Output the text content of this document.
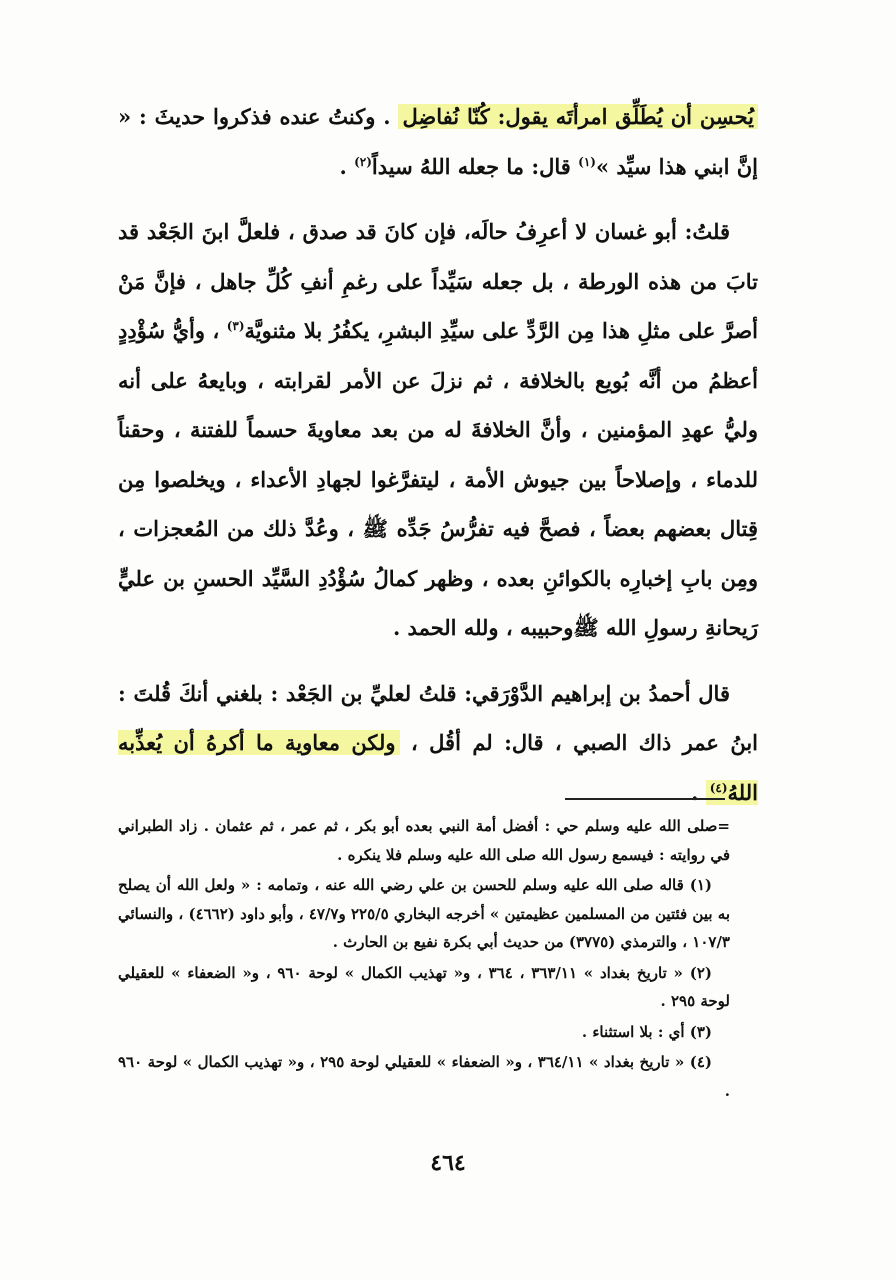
يُحسِن أن يُطَلِّق امرأتَه يقول: كُنّا نُفاضِل . وكنتُ عنده فذكروا حديثَ : « إنَّ ابني هذا سيِّد »$^{(١)}$ قال: ما جعله اللهُ سيداً$^{(٢)}$ .

قلتُ: أبو غسان لا أعرِفُ حالَه، فإن كانَ قد صدق ، فلعلَّ ابنَ الجَعْد قد تابَ من هذه الورطة ، بل جعله سَيِّداً على رغمِ أنفِ كُلِّ جاهل ، فإنَّ مَنْ أصرَّ على مثلِ هذا مِن الرَّدِّ على سيِّدِ البشرِ، يكفُرُ بلا مثنويَّة$^{(٣)}$ ، وأيُّ سُؤْدِدٍ أعظمُ من أنَّه بُويع بالخلافة ، ثم نزلَ عن الأمر لقرابته ، وبايعهُ على أنه وليُّ عهدِ المؤمنين ، وأنَّ الخلافةَ له من بعد معاويةَ حسماً للفتنة ، وحقناً للدماء ، وإصلاحاً بين جيوش الأمة ، ليتفرَّغوا لجهادِ الأعداء ، ويخلصوا مِن قِتال بعضهم بعضاً ، فصحَّ فيه تفرُّسُ جَدِّه ﷺ ، وعُدَّ ذلك من المُعجزات ، ومِن بابِ إخبارِه بالكوائنِ بعده ، وظهر كمالُ سُؤْدُدِ السَّيِّد الحسنِ بن عليٍّ رَيحانةِ رسولِ الله ﷺوحبيبه ، ولله الحمد .

قال أحمدُ بن إبراهيم الدَّوْرَقي: قلتُ لعليِّ بن الجَعْد : بلغني أنكَ قُلتَ : ابنُ عمر ذاك الصبي ، قال: لم أقُل ، ولكن معاوية ما أكرهُ أن يُعذِّبه اللهُ$^{(٤)}$ .

=صلى الله عليه وسلم حي : أفضل أمة النبي بعده أبو بكر ، ثم عمر ، ثم عثمان . زاد الطبراني في روايته : فيسمع رسول الله صلى الله عليه وسلم فلا ينكره .

(١) قاله صلى الله عليه وسلم للحسن بن علي رضي الله عنه ، وتمامه : « ولعل الله أن يصلح به بين فئتين من المسلمين عظيمتين » أخرجه البخاري ٢٢٥/٥ و٤٧/٧ ، وأبو داود (٤٦٦٢) ، والنسائي ١٠٧/٣ ، والترمذي (٣٧٧٥) من حديث أبي بكرة نفيع بن الحارث .

(٢) « تاريخ بغداد » ٣٦٣/١١ ، ٣٦٤ ، و« تهذيب الكمال » لوحة ٩٦٠ ، و« الضعفاء » للعقيلي لوحة ٢٩٥ .

(٣) أي : بلا استثناء .

(٤) « تاريخ بغداد » ٣٦٤/١١ ، و« الضعفاء » للعقيلي لوحة ٢٩٥ ، و« تهذيب الكمال » لوحة ٩٦٠ .

٤٦٤
